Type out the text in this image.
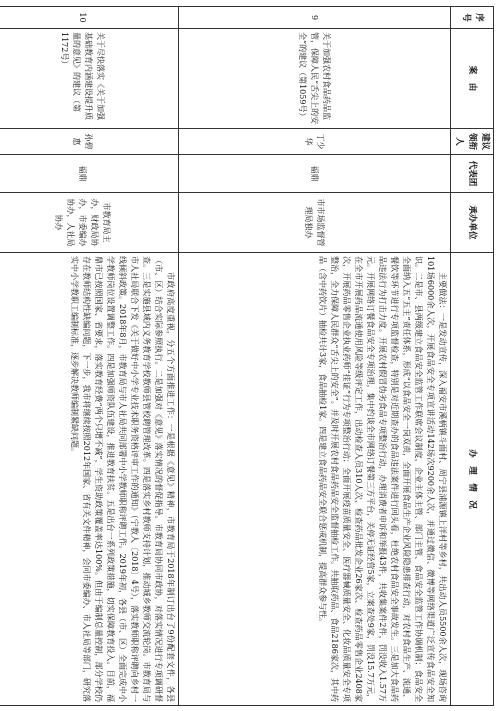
序号	案　由	建议领衔人	代表团	承办单位	办　理　情　况
9	关于加强农村食品药品监管，保障人民“舌尖上的安全”的建议（第1059号）	丁少华	福鼎	市市场监督管理局独办	主要做法：一是发动宣传，深入福安市溪柄镇斗面村、周宁县浦源镇上洋村等乡村，共出动人员5500余人次，现场咨询101场6000余人次，开展食品安全专项宣讲活动142场次9200余人次，并通过微信、微博等网络渠道广泛宣传食品安全知识。二是市、县两级建立食品安全监管工作联席会议制度，企业主体主管、部门主管、食品安全监管工作协调机制；食品安全全面纳入五“五主”责任体系，形成“以食品安全一岗双责，全面开展食品生产企业风险隐患排查行动，对农村食品生产、流通、餐饮等环节进行专项监督检查，特别是对近期查办的食品违法案件进行回头看，杜绝农村食品安全事故发生。三是加大食品药品违法行为打击力度。开展农村假冒伪劣食品专项整治行动，办理消费者申诉和举报43件，共收集案件2件，罚没收入1.57万元。开展网络订餐食品安全专项治理，集中约谈全市网络订餐第三方平台，关停无证经营5家，立案查处9家，罚没15.7万元，在全市开展药品流通使用风险等级评定工作，出动检查人员310人次，检查药品批发企业26家次、检查药品零售企业2408家次，开展药品零售企业执业药师“挂证”行为专项整治行动；全面开展疫苗质量安全、医疗器械质量安全、化妆品质量安全专项整治，全力保障人民群众“舌尖上的安全”。并及时开展农村食品药品安全监督抽检工作。共抽取药品、食品2186家次，其中药品（含中药饮片）抽检共计3家，食品抽检1家。四是建立食品药品安全联合惩戒机制，提高群众参与性。

10	关于尽快落实《关于加强基础教育内涵建设提升质量的意见》的建议（第1172号）	孙碧惠	福鼎	市教育局主办，财政局协办，市委编办协办，人社局协办	市政府高度重视，分五个方面推进工作：一是根据《意见》精神，市教育局于2018年制订出台了9份配套文件，各县（市、区）结合实际参照执行。二是加强对《意见》落实情况的督促指导。市教育局协同市政协，对落实情况进行专项调研督查。三是实施县域内义务教育学校教师县管校聘管理改革。四是落实乡村教师支持计划，推动城乡教师交流轮岗。市教育局与市人社局联合下发《关于做好中小学专业技术职务资格评审工作的通知》（宁教人〔2018〕4号），落实教师职称评聘向乡村一线倾斜政策。2018年8月，市教育局与市人社局共同部署中小学教师职称评聘工作。2019年初，各县（市、区）全面完成中小学教师岗位设置调整工作。四是加强师资队伍建设，推进教育扶贫。五是出台一系列政策措施，切实保障教育投入。目前，福鼎市已按照国家、省要求，落实教育经费“两个只增不减”，学生资助政策覆盖率达100%。但由于编制总量控制，部分学校仍存在教师结构性缺编问题，下一步，我市将继续按照2012年国家、省有关文件精神，会同市委编办、市人社局等部门，研究落实中小学教职工编制标准，逐步解决教师编制紧缺问题。
